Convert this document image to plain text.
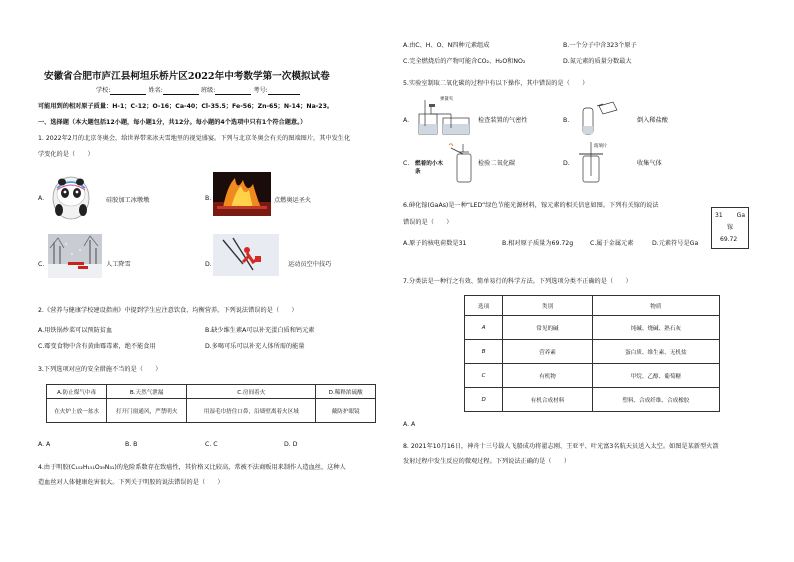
安徽省合肥市庐江县柯坦乐桥片区2022年中考数学第一次模拟试卷
学校:	姓名:	班级:	考号:
可能用到的相对原子质量：H-1；C-12；O-16；Ca-40；Cl-35.5；Fe-56；Zn-65；N-14；Na-23。
一、选择题（本大题包括12小题，每小题1分，共12分。每小题的4个选项中只有1个符合题意。）
1. 2022年2月的北京冬奥会，给世界带来冰天雪地里的视觉盛宴。下列与北京冬奥会有关的图端图片，其中发生化
学变化的是（　　）
A.	硅胶加工冰墩墩	B.	点燃奥运圣火
C.	人工降雪	D.	运动员空中技巧
2.《营养与健康学校建设指南》中提到学生应注意饮食、均衡营养。下列说法错误的是（　　）
A.用铁锅炒菜可以预防贫血	B.缺少维生素A可以补充蛋白质和钙元素
C.霉变食物中含有黄曲霉毒素，绝不能食用	D.多喝可乐可以补充人体所需的能量
3.下列选项对应的安全措施不当的是（　　）
A.防止煤气中毒	B.天然气泄漏	C.房间着火	D.稀释浓硫酸
在火炉上放一盆水	打开门窗通风，严禁明火	用湿毛巾捂住口鼻，沿墙壁离着火区域	戴防护眼镜
A. A	B. B	C. C	D. D
4.由于明胶(C₁₀₂H₁₅₁O₃₉N₃₁)的危险系数存在致癌性，其价格又比较高，常被不法商贩用来制作人造血丝，这种人
造血丝对人体健康危害很大。下列关于明胶的说法错误的是（　　）
A.由C、H、O、N四种元素组成	B.一个分子中含323个原子
C.完全燃烧后的产物可能含CO₂、H₂O和NO₂	D.氮元素的质量分数最大
5.实验室制取二氧化碳的过程中有以下操作，其中错误的是（　　）
A.
弹簧夹
检查装置的气密性	B.	倒入稀盐酸
C. 燃着的小木条
检验二氧化碳	D.
玻璃片
收集气体
6.砷化镓(GaAs)是一种“LED”绿色节能光源材料，镓元素的相关信息如图。下列有关镓的说法
错误的是（　　）
31 Ga
镓
69.72
A.原子的核电荷数是31	B.相对原子质量为69.72g	C.属于金属元素	D.元素符号是Ga
7.分类法是一种行之有效、简单易行的科学方法。下列选项分类不正确的是（　　）
选项	类别	物质
A	常见的碱	纯碱、烧碱、熟石灰
B	营养素	蛋白质、维生素、无机盐
C	有机物	甲烷、乙醇、葡萄糖
D	有机合成材料	塑料、合成纤维、合成橡胶
A. A
8. 2021年10月16日，神舟十三号载人飞船成功将翟志刚、王亚平、叶光富3名航天员送入太空。如图是某新型火箭
发射过程中发生反应的微观过程。下列说法正确的是（　　）
